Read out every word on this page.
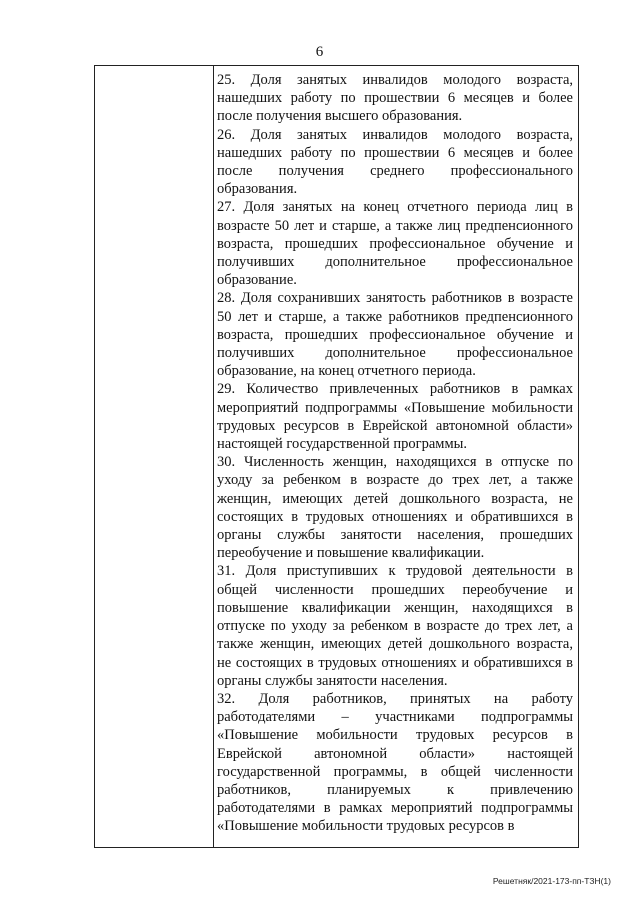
6

25. Доля занятых инвалидов молодого возраста, нашедших работу по прошествии 6 месяцев и более после получения высшего образования.

26. Доля занятых инвалидов молодого возраста, нашедших работу по прошествии 6 месяцев и более после получения среднего профессионального образования.

27. Доля занятых на конец отчетного периода лиц в возрасте 50 лет и старше, а также лиц предпенсионного возраста, прошедших профессиональное обучение и получивших дополнительное профессиональное образование.

28. Доля сохранивших занятость работников в возрасте 50 лет и старше, а также работников предпенсионного возраста, прошедших профессиональное обучение и получивших дополнительное профессиональное образование, на конец отчетного периода.

29. Количество привлеченных работников в рамках мероприятий подпрограммы «Повышение мобильности трудовых ресурсов в Еврейской автономной области» настоящей государственной программы.

30. Численность женщин, находящихся в отпуске по уходу за ребенком в возрасте до трех лет, а также женщин, имеющих детей дошкольного возраста, не состоящих в трудовых отношениях и обратившихся в органы службы занятости населения, прошедших переобучение и повышение квалификации.

31. Доля приступивших к трудовой деятельности в общей численности прошедших переобучение и повышение квалификации женщин, находящихся в отпуске по уходу за ребенком в возрасте до трех лет, а также женщин, имеющих детей дошкольного возраста, не состоящих в трудовых отношениях и обратившихся в органы службы занятости населения.

32. Доля работников, принятых на работу работодателями – участниками подпрограммы «Повышение мобильности трудовых ресурсов в Еврейской автономной области» настоящей государственной программы, в общей численности работников, планируемых к привлечению работодателями в рамках мероприятий подпрограммы «Повышение мобильности трудовых ресурсов в

Решетняк/2021-173-пп-ТЗН(1)
